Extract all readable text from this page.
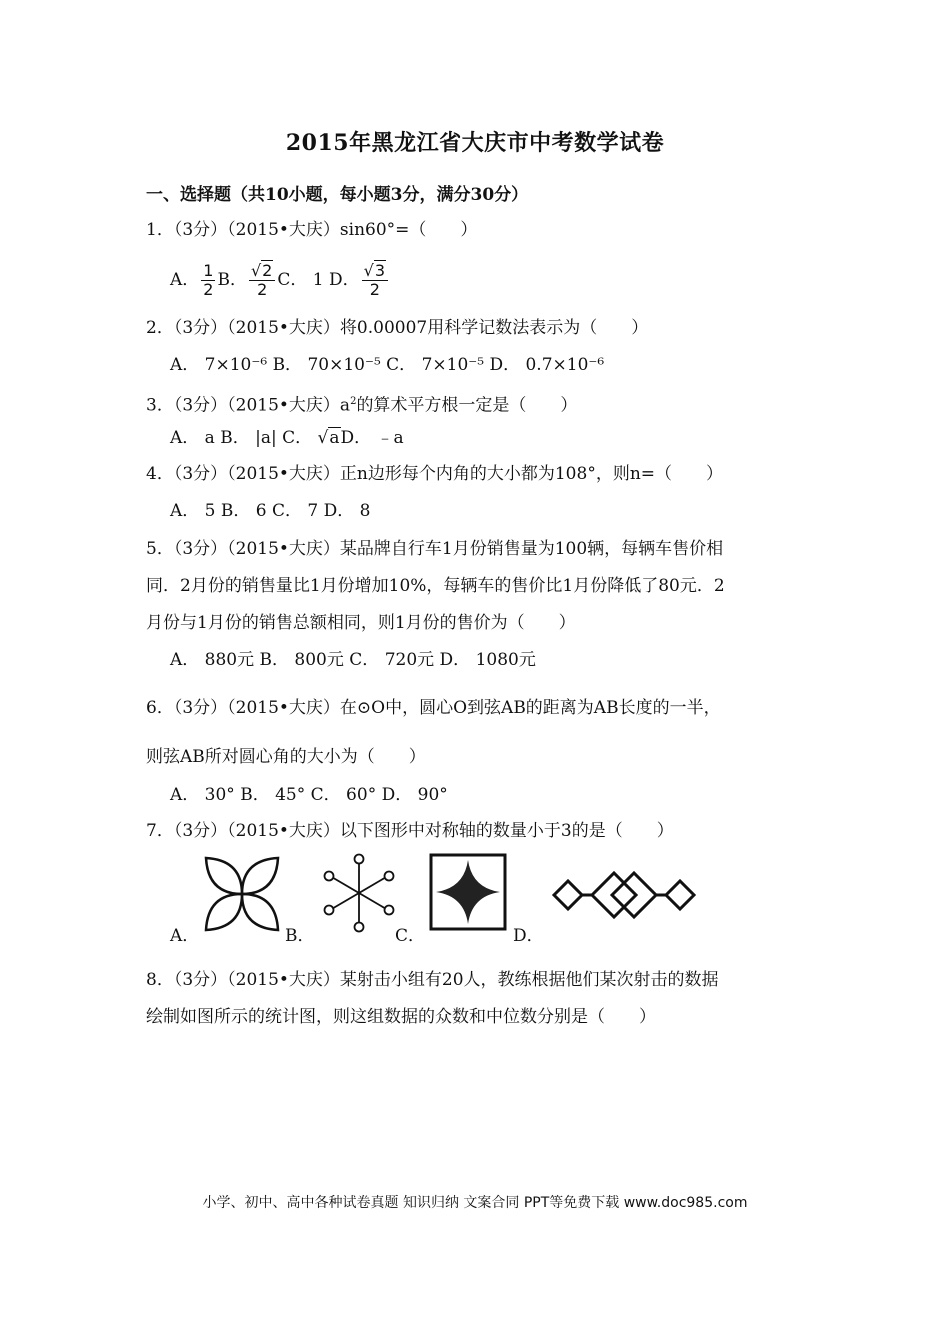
2015年黑龙江省大庆市中考数学试卷
一、选择题（共10小题，每小题3分，满分30分）
1．（3分）（2015•大庆）sin60°=（　　）
A． $\frac{1}{2}$ B． $\frac{√2}{2}$ C． 1 D． $\frac{√3}{2}$
2．（3分）（2015•大庆）将0.00007用科学记数法表示为（　　）
A． 7×10⁻⁶ B． 70×10⁻⁵ C． 7×10⁻⁵ D． 0.7×10⁻⁶
3．（3分）（2015•大庆）$a^2$的算术平方根一定是（　　）
A． a B． |a| C． √aD． ﹣a
4．（3分）（2015•大庆）正n边形每个内角的大小都为108°，则n=（　　）
A． 5 B． 6 C． 7 D． 8
5．（3分）（2015•大庆）某品牌自行车1月份销售量为100辆，每辆车售价相
同．2月份的销售量比1月份增加10%，每辆车的售价比1月份降低了80元．2
月份与1月份的销售总额相同，则1月份的售价为（　　）
A． 880元 B． 800元 C． 720元 D． 1080元
6．（3分）（2015•大庆）在⊙O中，圆心O到弦AB的距离为AB长度的一半，
则弦AB所对圆心角的大小为（　　）
A． 30° B． 45° C． 60° D． 90°
7．（3分）（2015•大庆）以下图形中对称轴的数量小于3的是（　　）
A．	B．	C．	D．
8．（3分）（2015•大庆）某射击小组有20人，教练根据他们某次射击的数据
绘制如图所示的统计图，则这组数据的众数和中位数分别是（　　）
小学、初中、高中各种试卷真题 知识归纳 文案合同 PPT等免费下载 www.doc985.com
